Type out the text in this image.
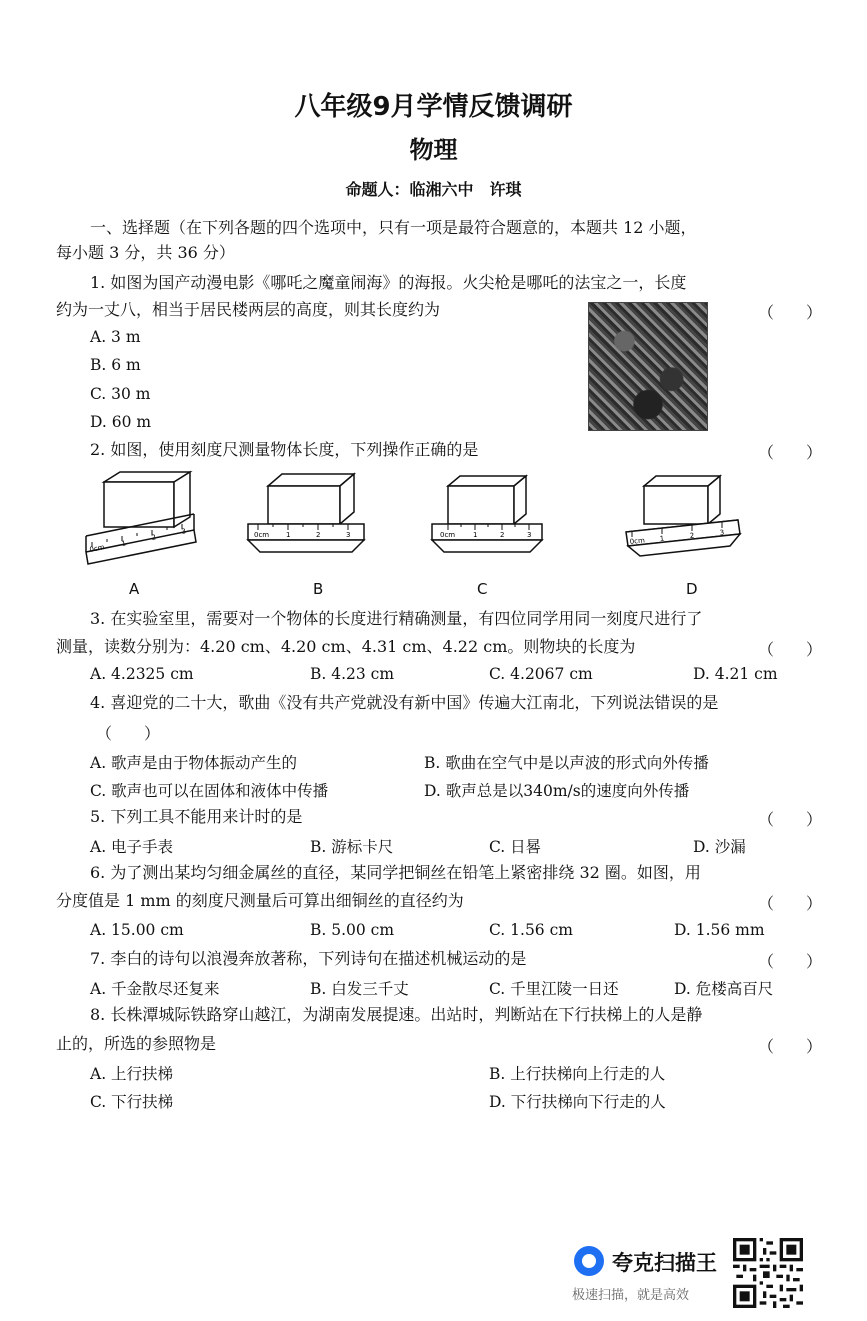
八年级9月学情反馈调研
物理
命题人：临湘六中　许琪
一、选择题（在下列各题的四个选项中，只有一项是最符合题意的，本题共 12 小题，
每小题 3 分，共 36 分）
1. 如图为国产动漫电影《哪吒之魔童闹海》的海报。火尖枪是哪吒的法宝之一，长度
约为一丈八，相当于居民楼两层的高度，则其长度约为	（　　）
A. 3 m
B. 6 m
C. 30 m
D. 60 m
2. 如图，使用刻度尺测量物体长度，下列操作正确的是	（　　）
0cm 1
2
3	0cm 1	2	3	0cm	1	2	3
0cm 1	2	3
A	B	C	D
3. 在实验室里，需要对一个物体的长度进行精确测量，有四位同学用同一刻度尺进行了
测量，读数分别为：4.20 cm、4.20 cm、4.31 cm、4.22 cm。则物块的长度为	（　　）
A. 4.2325 cm	B. 4.23 cm	C. 4.2067 cm	D. 4.21 cm
4. 喜迎党的二十大，歌曲《没有共产党就没有新中国》传遍大江南北，下列说法错误的是
（　　）
A. 歌声是由于物体振动产生的	B. 歌曲在空气中是以声波的形式向外传播
C. 歌声也可以在固体和液体中传播	D. 歌声总是以340m/s的速度向外传播
5. 下列工具不能用来计时的是	（　　）
A. 电子手表	B. 游标卡尺	C. 日晷	D. 沙漏
6. 为了测出某均匀细金属丝的直径，某同学把铜丝在铅笔上紧密排绕 32 圈。如图，用
分度值是 1 mm 的刻度尺测量后可算出细铜丝的直径约为	（　　）
A. 15.00 cm	B. 5.00 cm	C. 1.56 cm	D. 1.56 mm
7. 李白的诗句以浪漫奔放著称，下列诗句在描述机械运动的是	（　　）
A. 千金散尽还复来	B. 白发三千丈	C. 千里江陵一日还	D. 危楼高百尺
8. 长株潭城际铁路穿山越江，为湖南发展提速。出站时，判断站在下行扶梯上的人是静
止的，所选的参照物是	（　　）
A. 上行扶梯	B. 上行扶梯向上行走的人
C. 下行扶梯	D. 下行扶梯向下行走的人
夸克扫描王
极速扫描，就是高效
